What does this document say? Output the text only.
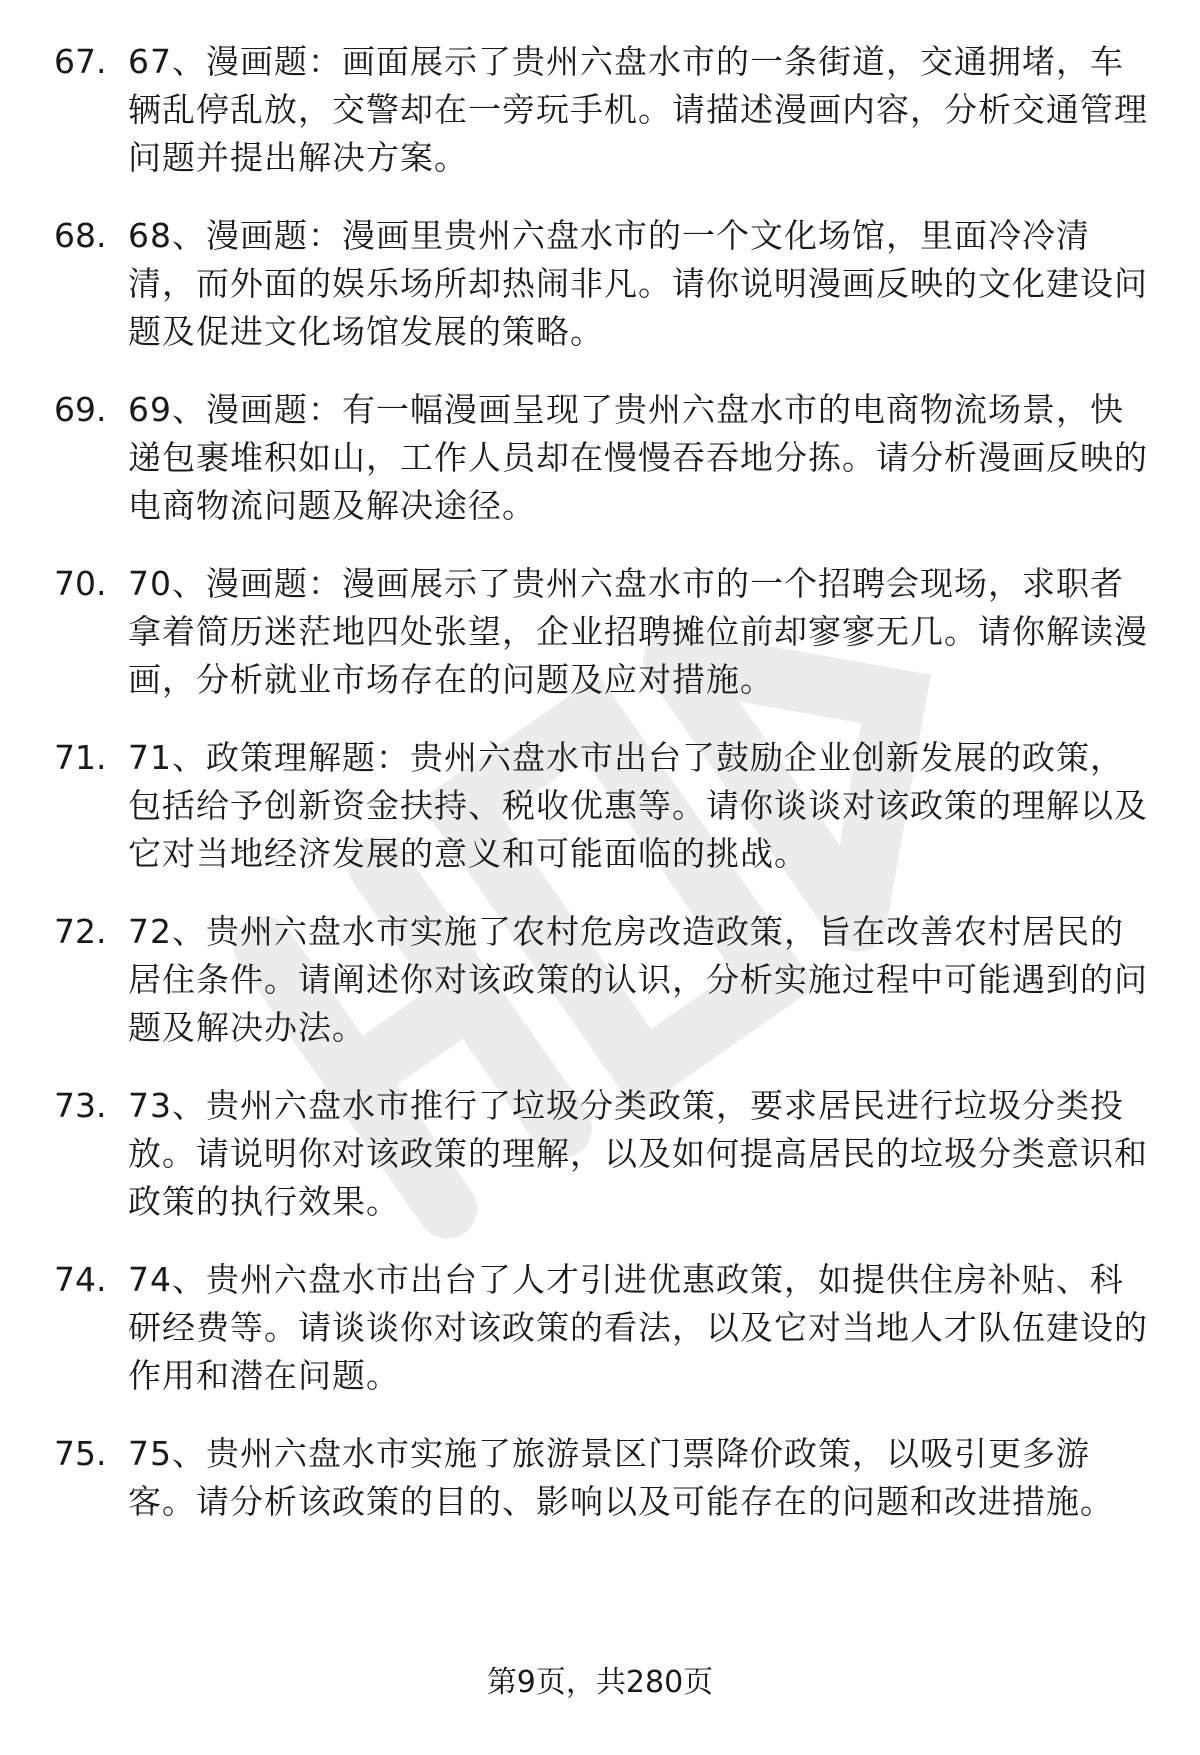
67. 67、漫画题：画面展示了贵州六盘水市的一条街道，交通拥堵，车辆乱停乱放，交警却在一旁玩手机。请描述漫画内容，分析交通管理问题并提出解决方案。
68. 68、漫画题：漫画里贵州六盘水市的一个文化场馆，里面冷冷清清，而外面的娱乐场所却热闹非凡。请你说明漫画反映的文化建设问题及促进文化场馆发展的策略。
69. 69、漫画题：有一幅漫画呈现了贵州六盘水市的电商物流场景，快递包裹堆积如山，工作人员却在慢慢吞吞地分拣。请分析漫画反映的电商物流问题及解决途径。
70. 70、漫画题：漫画展示了贵州六盘水市的一个招聘会现场，求职者拿着简历迷茫地四处张望，企业招聘摊位前却寥寥无几。请你解读漫画，分析就业市场存在的问题及应对措施。
71. 71、政策理解题：贵州六盘水市出台了鼓励企业创新发展的政策，包括给予创新资金扶持、税收优惠等。请你谈谈对该政策的理解以及它对当地经济发展的意义和可能面临的挑战。
72. 72、贵州六盘水市实施了农村危房改造政策，旨在改善农村居民的居住条件。请阐述你对该政策的认识，分析实施过程中可能遇到的问题及解决办法。
73. 73、贵州六盘水市推行了垃圾分类政策，要求居民进行垃圾分类投放。请说明你对该政策的理解，以及如何提高居民的垃圾分类意识和政策的执行效果。
74. 74、贵州六盘水市出台了人才引进优惠政策，如提供住房补贴、科研经费等。请谈谈你对该政策的看法，以及它对当地人才队伍建设的作用和潜在问题。
75. 75、贵州六盘水市实施了旅游景区门票降价政策，以吸引更多游客。请分析该政策的目的、影响以及可能存在的问题和改进措施。
第9页，共280页
